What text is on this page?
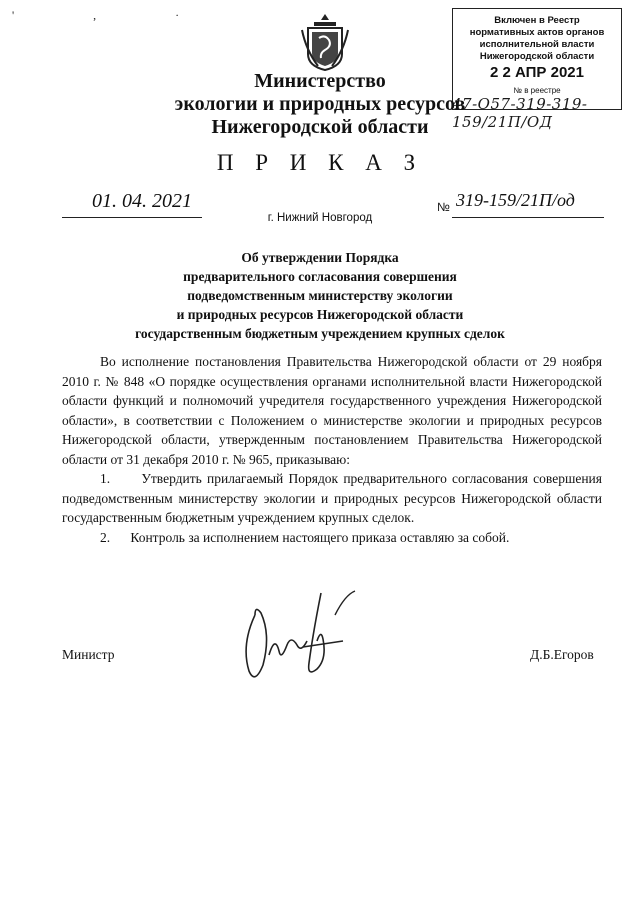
' , ·	Включен в Реестр
нормативных актов органов
исполнительной власти
Нижегородской области
2 2 АПР 2021
№ в реестре
47-О57-319-319-159/21П/ОД
Министерство
экологии и природных ресурсов
Нижегородской области
П Р И К А З
01. 04. 2021
г. Нижний Новгород
№ 319-159/21П/од
Об утверждении Порядка
предварительного согласования совершения
подведомственным министерству экологии
и природных ресурсов Нижегородской области
государственным бюджетным учреждением крупных сделок

Во исполнение постановления Правительства Нижегородской области от 29 ноября 2010 г. № 848 «О порядке осуществления органами исполнительной власти Нижегородской области функций и полномочий учредителя государственного учреждения Нижегородской области», в соответствии с Положением о министерстве экологии и природных ресурсов Нижегородской области, утвержденным постановлением Правительства Нижегородской области от 31 декабря 2010 г. № 965, приказываю:

1.      Утвердить прилагаемый Порядок предварительного согласования совершения подведомственным министерству экологии и природных ресурсов Нижегородской области государственным бюджетным учреждением крупных сделок.

2.      Контроль за исполнением настоящего приказа оставляю за собой.

Министр	Д.Б.Егоров
